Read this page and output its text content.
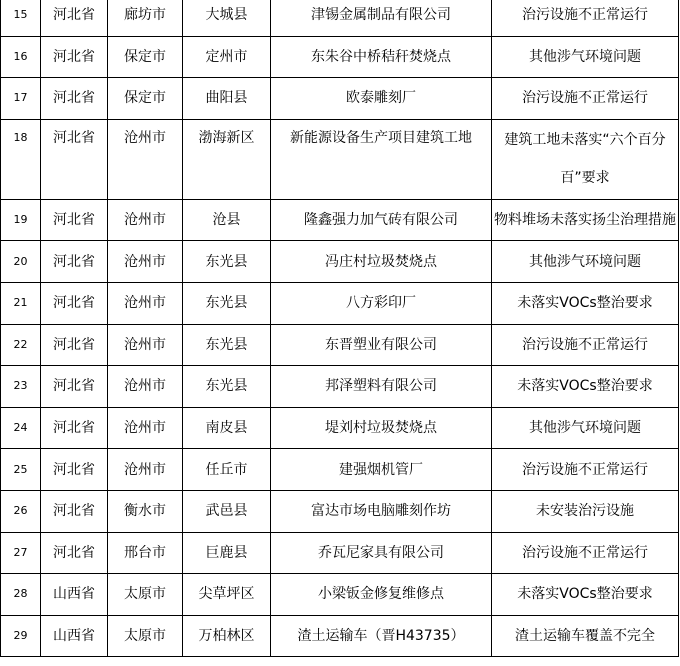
15	河北省	廊坊市	大城县	津锡金属制品有限公司	治污设施不正常运行
16	河北省	保定市	定州市	东朱谷中桥秸秆焚烧点	其他涉气环境问题
17	河北省	保定市	曲阳县	欧泰雕刻厂	治污设施不正常运行
18	河北省	沧州市	渤海新区	新能源设备生产项目建筑工地	建筑工地未落实“六个百分
百”要求

19	河北省	沧州市	沧县	隆鑫强力加气砖有限公司	物料堆场未落实扬尘治理措施
20	河北省	沧州市	东光县	冯庄村垃圾焚烧点	其他涉气环境问题
21	河北省	沧州市	东光县	八方彩印厂	未落实VOCs整治要求
22	河北省	沧州市	东光县	东晋塑业有限公司	治污设施不正常运行
23	河北省	沧州市	东光县	邦泽塑料有限公司	未落实VOCs整治要求
24	河北省	沧州市	南皮县	堤刘村垃圾焚烧点	其他涉气环境问题
25	河北省	沧州市	任丘市	建强烟机管厂	治污设施不正常运行
26	河北省	衡水市	武邑县	富达市场电脑雕刻作坊	未安装治污设施
27	河北省	邢台市	巨鹿县	乔瓦尼家具有限公司	治污设施不正常运行
28	山西省	太原市	尖草坪区	小梁钣金修复维修点	未落实VOCs整治要求
29	山西省	太原市	万柏林区	渣土运输车（晋H43735）	渣土运输车覆盖不完全
